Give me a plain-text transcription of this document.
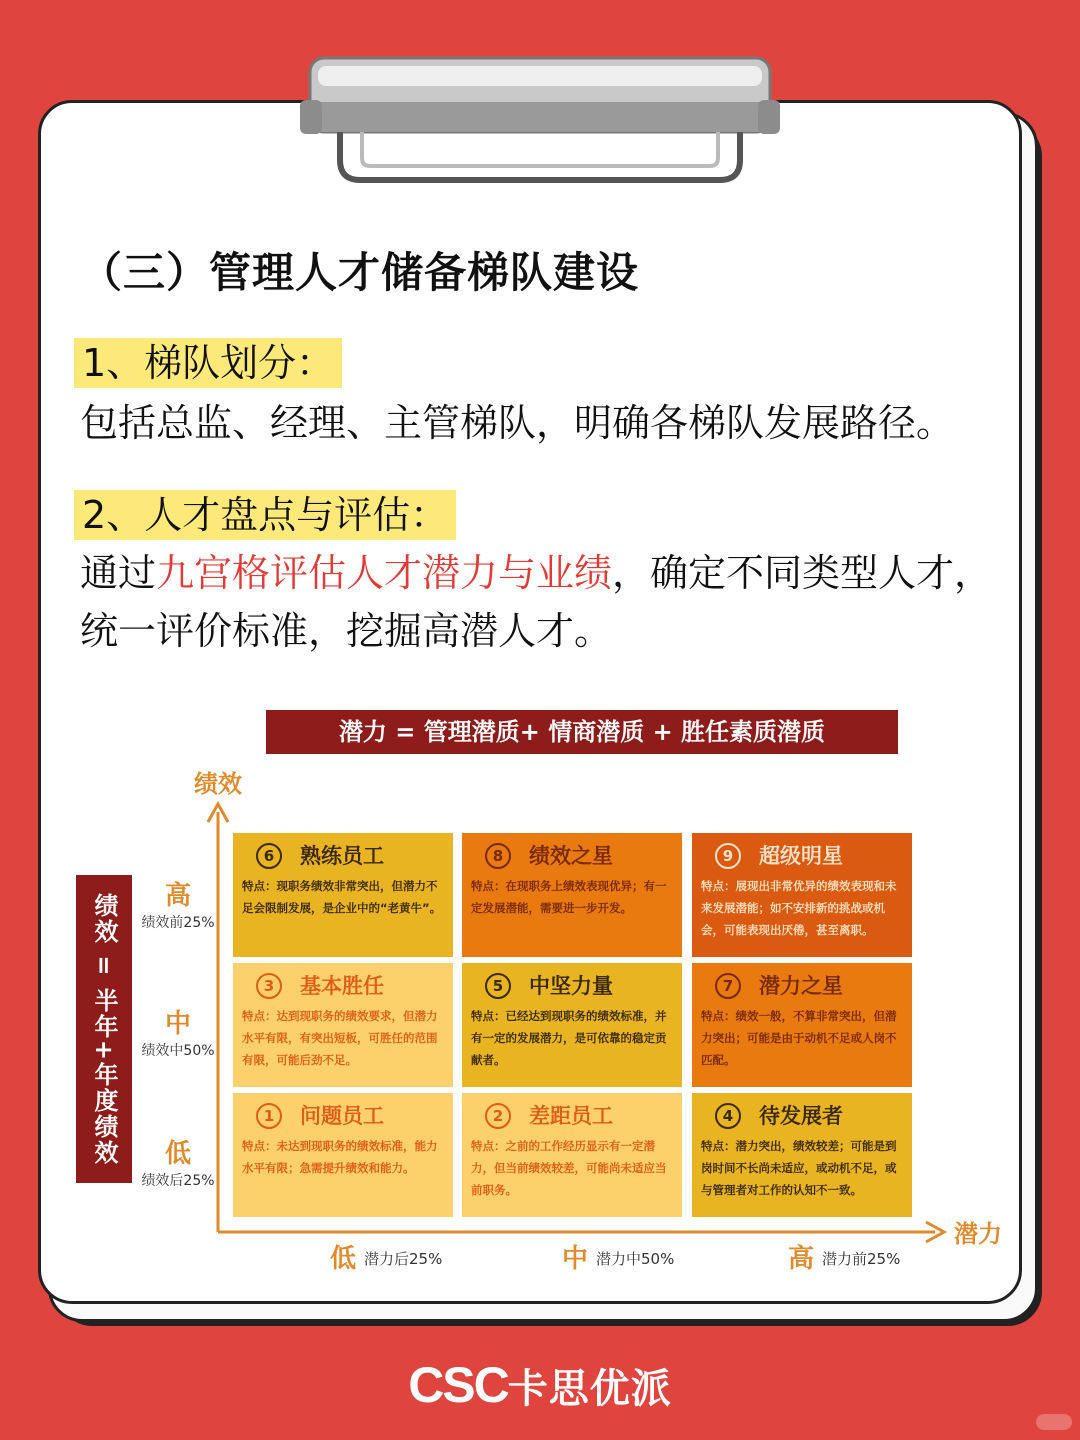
（三）管理人才储备梯队建设
1、梯队划分：
包括总监、经理、主管梯队，明确各梯队发展路径。
2、人才盘点与评估：
通过九宫格评估人才潜力与业绩，确定不同类型人才，统一评价标准，挖掘高潜人才。
潜力 = 管理潜质+ 情商潜质 + 胜任素质潜质
绩效
潜力
绩效 = 半年+年度绩效	高
绩效前25%
中
绩效中50%
低
绩效后25%
低潜力后25%	中潜力中50%	高潜力前25%
6 熟练员工
特点：现职务绩效非常突出，但潜力不足会限制发展，是企业中的“老黄牛”。
8 绩效之星
特点：在现职务上绩效表现优异；有一定发展潜能，需要进一步开发。
9 超级明星
特点：展现出非常优异的绩效表现和未来发展潜能；如不安排新的挑战或机会，可能表现出厌倦，甚至离职。
3 基本胜任
特点：达到现职务的绩效要求，但潜力水平有限，有突出短板，可胜任的范围有限，可能后劲不足。
5 中坚力量
特点：已经达到现职务的绩效标准，并有一定的发展潜力，是可依靠的稳定贡献者。
7 潜力之星
特点：绩效一般，不算非常突出，但潜力突出；可能是由于动机不足或人岗不匹配。
1 问题员工
特点：未达到现职务的绩效标准，能力水平有限；急需提升绩效和能力。
2 差距员工
特点：之前的工作经历显示有一定潜力，但当前绩效较差，可能尚未适应当前职务。
4 待发展者
特点：潜力突出，绩效较差；可能是到岗时间不长尚未适应，或动机不足，或与管理者对工作的认知不一致。
CSC卡思优派
